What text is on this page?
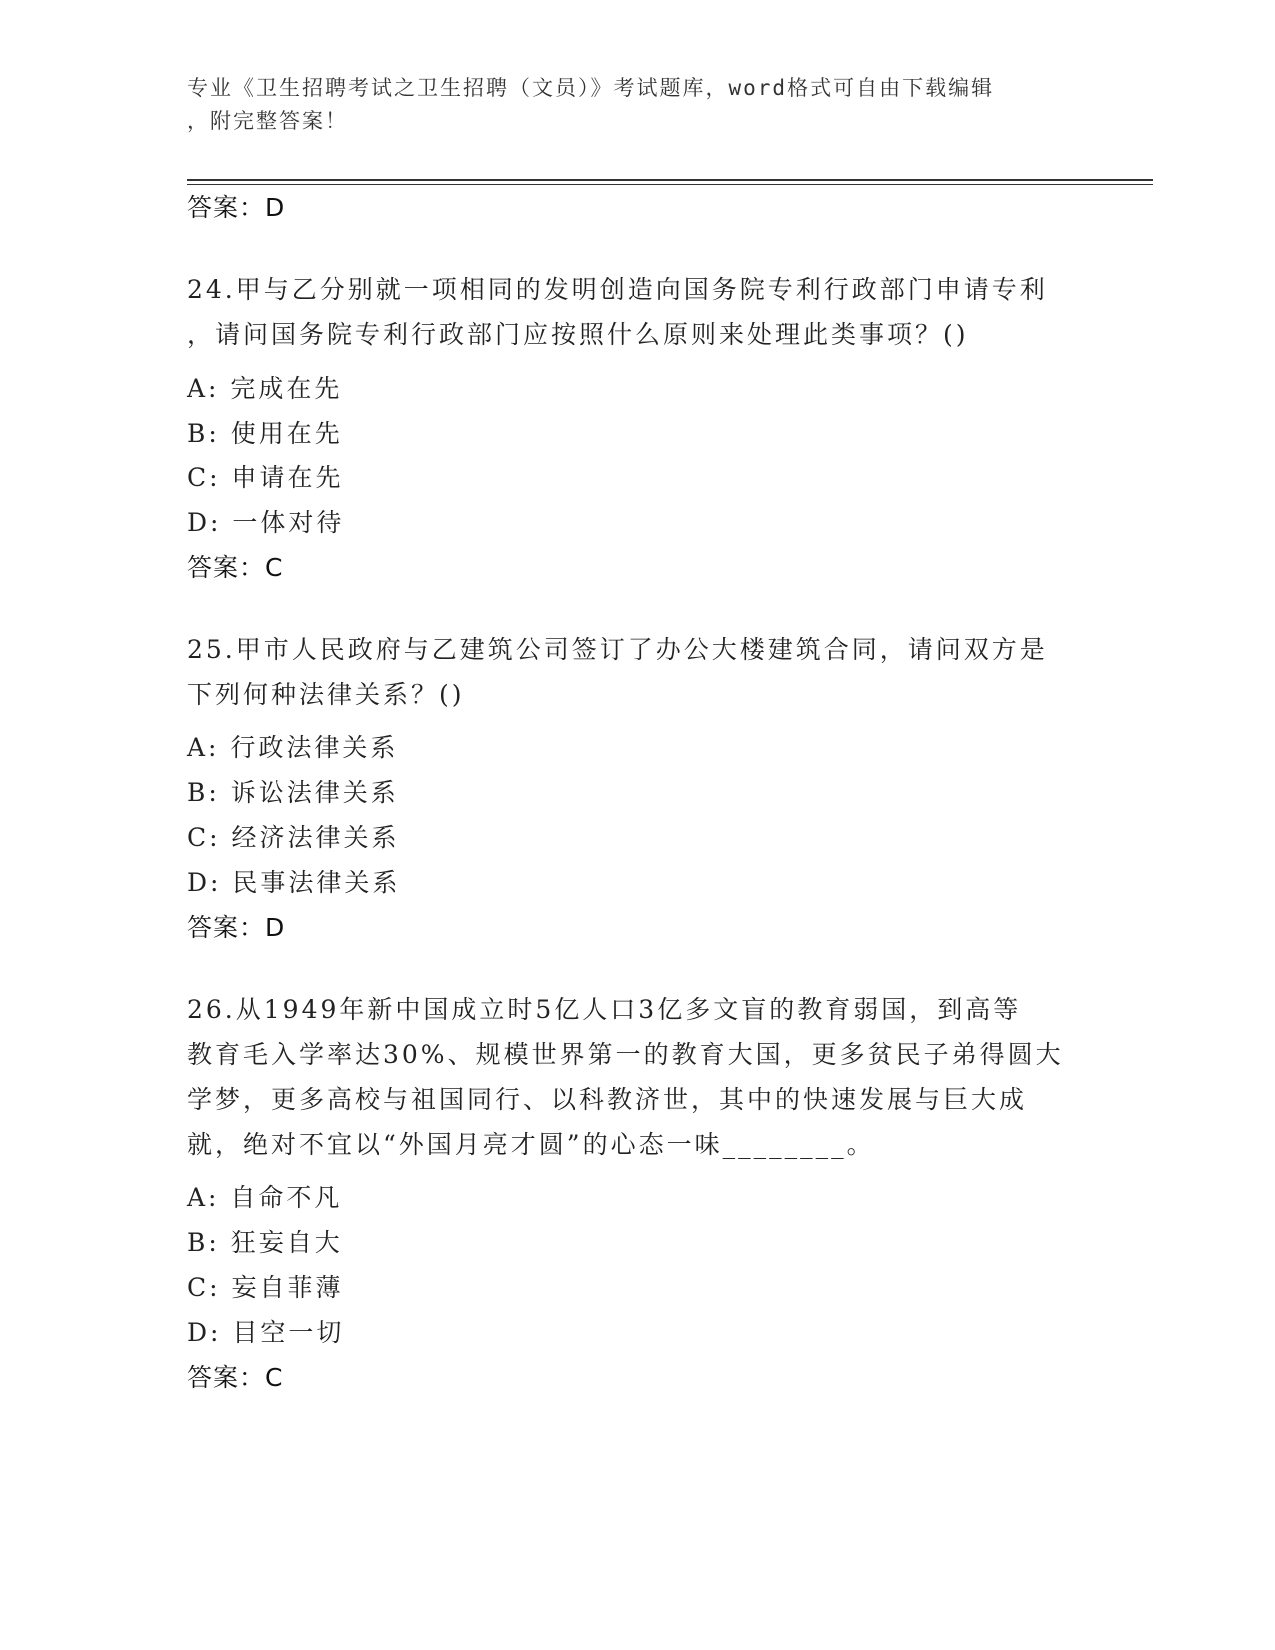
专业《卫生招聘考试之卫生招聘（文员）》考试题库，word格式可自由下载编辑
，附完整答案！
答案：D
24.甲与乙分别就一项相同的发明创造向国务院专利行政部门申请专利
，请问国务院专利行政部门应按照什么原则来处理此类事项？()
A: 完成在先
B: 使用在先
C: 申请在先
D: 一体对待
答案：C
25.甲市人民政府与乙建筑公司签订了办公大楼建筑合同，请问双方是
下列何种法律关系？()
A: 行政法律关系
B: 诉讼法律关系
C: 经济法律关系
D: 民事法律关系
答案：D
26.从1949年新中国成立时5亿人口3亿多文盲的教育弱国，到高等
教育毛入学率达30%、规模世界第一的教育大国，更多贫民子弟得圆大
学梦，更多高校与祖国同行、以科教济世，其中的快速发展与巨大成
就，绝对不宜以“外国月亮才圆”的心态一味________。
A: 自命不凡
B: 狂妄自大
C: 妄自菲薄
D: 目空一切
答案：C
